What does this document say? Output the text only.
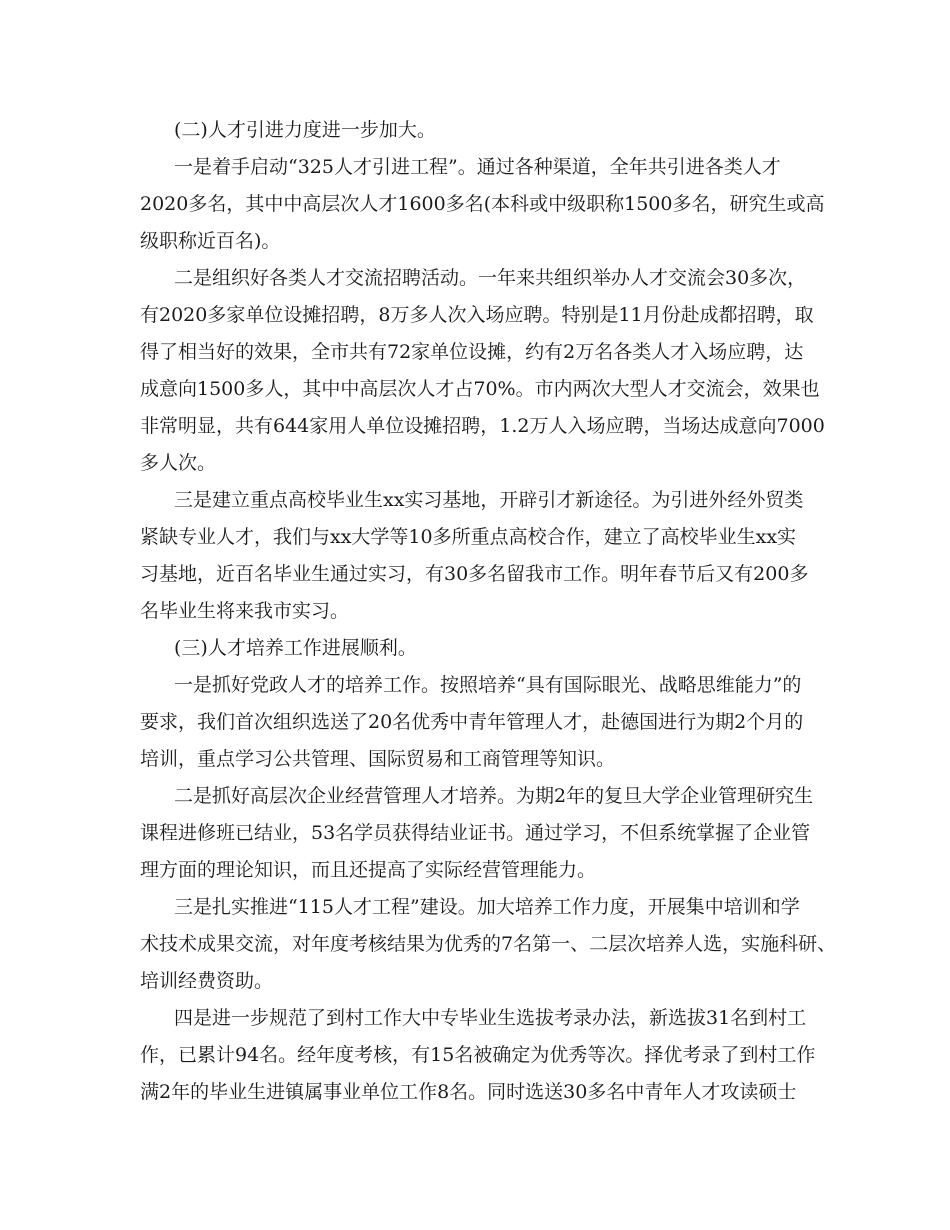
(二)人才引进力度进一步加大。

一是着手启动“325人才引进工程”。通过各种渠道，全年共引进各类人才

2020多名，其中中高层次人才1600多名(本科或中级职称1500多名，研究生或高

级职称近百名)。

二是组织好各类人才交流招聘活动。一年来共组织举办人才交流会30多次，

有2020多家单位设摊招聘，8万多人次入场应聘。特别是11月份赴成都招聘，取

得了相当好的效果，全市共有72家单位设摊，约有2万名各类人才入场应聘，达

成意向1500多人，其中中高层次人才占70%。市内两次大型人才交流会，效果也

非常明显，共有644家用人单位设摊招聘，1.2万人入场应聘，当场达成意向7000

多人次。

三是建立重点高校毕业生xx实习基地，开辟引才新途径。为引进外经外贸类

紧缺专业人才，我们与xx大学等10多所重点高校合作，建立了高校毕业生xx实

习基地，近百名毕业生通过实习，有30多名留我市工作。明年春节后又有200多

名毕业生将来我市实习。

(三)人才培养工作进展顺利。

一是抓好党政人才的培养工作。按照培养“具有国际眼光、战略思维能力”的

要求，我们首次组织选送了20名优秀中青年管理人才，赴德国进行为期2个月的

培训，重点学习公共管理、国际贸易和工商管理等知识。

二是抓好高层次企业经营管理人才培养。为期2年的复旦大学企业管理研究生

课程进修班已结业，53名学员获得结业证书。通过学习，不但系统掌握了企业管

理方面的理论知识，而且还提高了实际经营管理能力。

三是扎实推进“115人才工程”建设。加大培养工作力度，开展集中培训和学

术技术成果交流，对年度考核结果为优秀的7名第一、二层次培养人选，实施科研、

培训经费资助。

四是进一步规范了到村工作大中专毕业生选拔考录办法，新选拔31名到村工

作，已累计94名。经年度考核，有15名被确定为优秀等次。择优考录了到村工作

满2年的毕业生进镇属事业单位工作8名。同时选送30多名中青年人才攻读硕士
